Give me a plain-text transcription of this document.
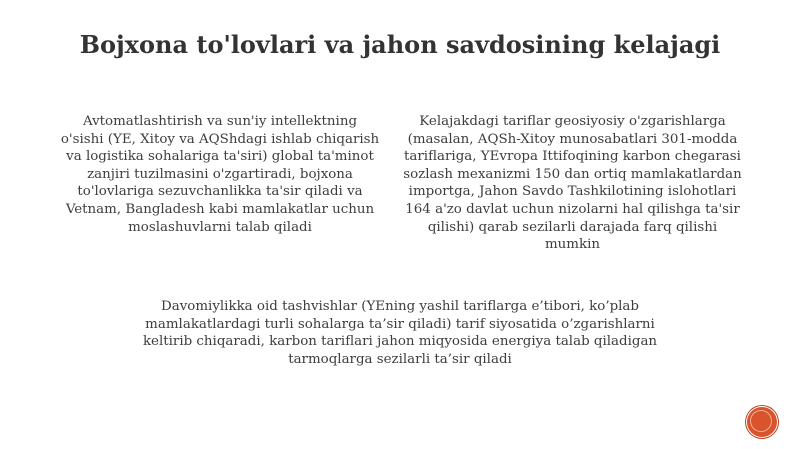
Bojxona to'lovlari va jahon savdosining kelajagi
Avtomatlashtirish va sun'iy intellektning o'sishi (YE, Xitoy va AQShdagi ishlab chiqarish va logistika sohalariga ta'siri) global ta'minot zanjiri tuzilmasini o'zgartiradi, bojxona to'lovlariga sezuvchanlikka ta'sir qiladi va Vetnam, Bangladesh kabi mamlakatlar uchun moslashuvlarni talab qiladi
Kelajakdagi tariflar geosiyosiy o'zgarishlarga (masalan, AQSh-Xitoy munosabatlari 301-modda tariflariga, YEvropa Ittifoqining karbon chegarasi sozlash mexanizmi 150 dan ortiq mamlakatlardan importga, Jahon Savdo Tashkilotining islohotlari 164 a'zo davlat uchun nizolarni hal qilishga ta'sir qilishi) qarab sezilarli darajada farq qilishi mumkin
Davomiylikka oid tashvishlar (YEning yashil tariflarga e’tibori, ko’plab mamlakatlardagi turli sohalarga ta’sir qiladi) tarif siyosatida o’zgarishlarni keltirib chiqaradi, karbon tariflari jahon miqyosida energiya talab qiladigan tarmoqlarga sezilarli ta’sir qiladi
